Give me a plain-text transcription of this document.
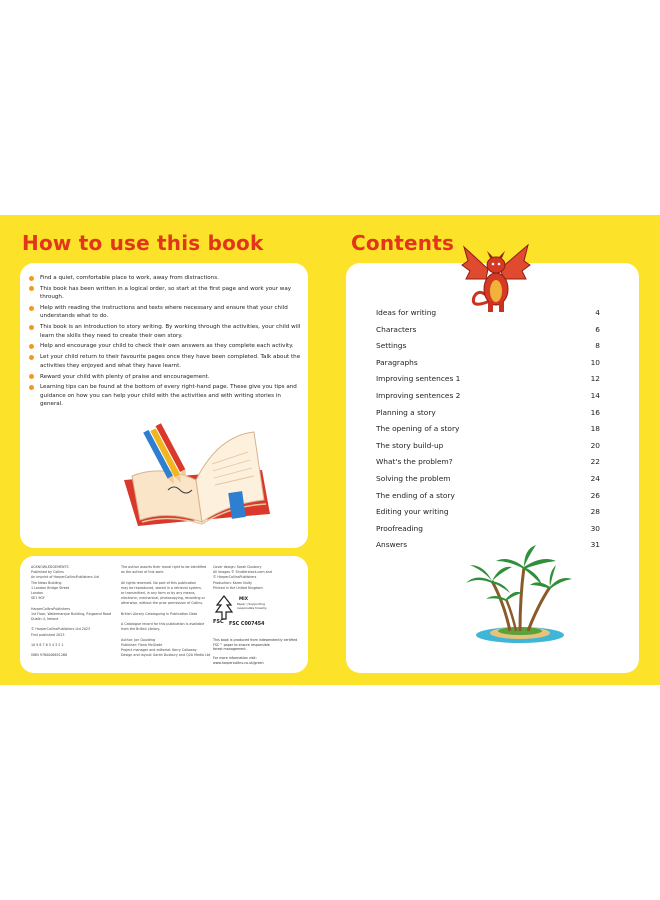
How to use this book
Find a quiet, comfortable place to work, away from distractions.
This book has been written in a logical order, so start at the first page and work your way through.
Help with reading the instructions and texts where necessary and ensure that your child understands what to do.
This book is an introduction to story writing. By working through the activities, your child will learn the skills they need to create their own story.
Help and encourage your child to check their own answers as they complete each activity.
Let your child return to their favourite pages once they have been completed. Talk about the activities they enjoyed and what they have learnt.
Reward your child with plenty of praise and encouragement.
Learning tips can be found at the bottom of every right-hand page. These give you tips and guidance on how you can help your child with the activities and with writing stories in general.
ACKNOWLEDGEMENTS
Published by Collins
An imprint of HarperCollinsPublishers Ltd
The News Building
1 London Bridge Street
London
SE1 9GF

HarperCollinsPublishers
1st Floor, Watermarque Building, Ringsend Road
Dublin 4, Ireland

© HarperCollinsPublishers Ltd 2023
First published 2023

10 9 8 7 6 5 4 3 2 1

ISBN 9780008651268
The author asserts their moral right to be identified
as the author of this work.

All rights reserved. No part of this publication
may be reproduced, stored in a retrieval system,
or transmitted, in any form or by any means,
electronic, mechanical, photocopying, recording or
otherwise, without the prior permission of Collins.

British Library Cataloguing in Publication Data

A Catalogue record for this publication is available
from the British Library.

Author: Jon Goulding
Publisher: Fiona McGlade
Project manager and editorial: Kerry Calloway
Design and layout: Sarah Duxbury and Q2A Media Ltd
Cover design: Sarah Duxbury
All images © Shutterstock.com and
© HarperCollinsPublishers
Production: Karen Nulty
Printed in the United Kingdom
FSC
MIX
Paper | Supporting
responsible forestry
FSC C007454
This book is produced from independently certified
FSC™ paper to ensure responsible
forest management.

For more information visit:
www.harpercollins.co.uk/green
Contents
Ideas for writing	4
Characters	6
Settings	8
Paragraphs	10
Improving sentences 1	12
Improving sentences 2	14
Planning a story	16
The opening of a story	18
The story build-up	20
What's the problem?	22
Solving the problem	24
The ending of a story	26
Editing your writing	28
Proofreading	30
Answers	31
